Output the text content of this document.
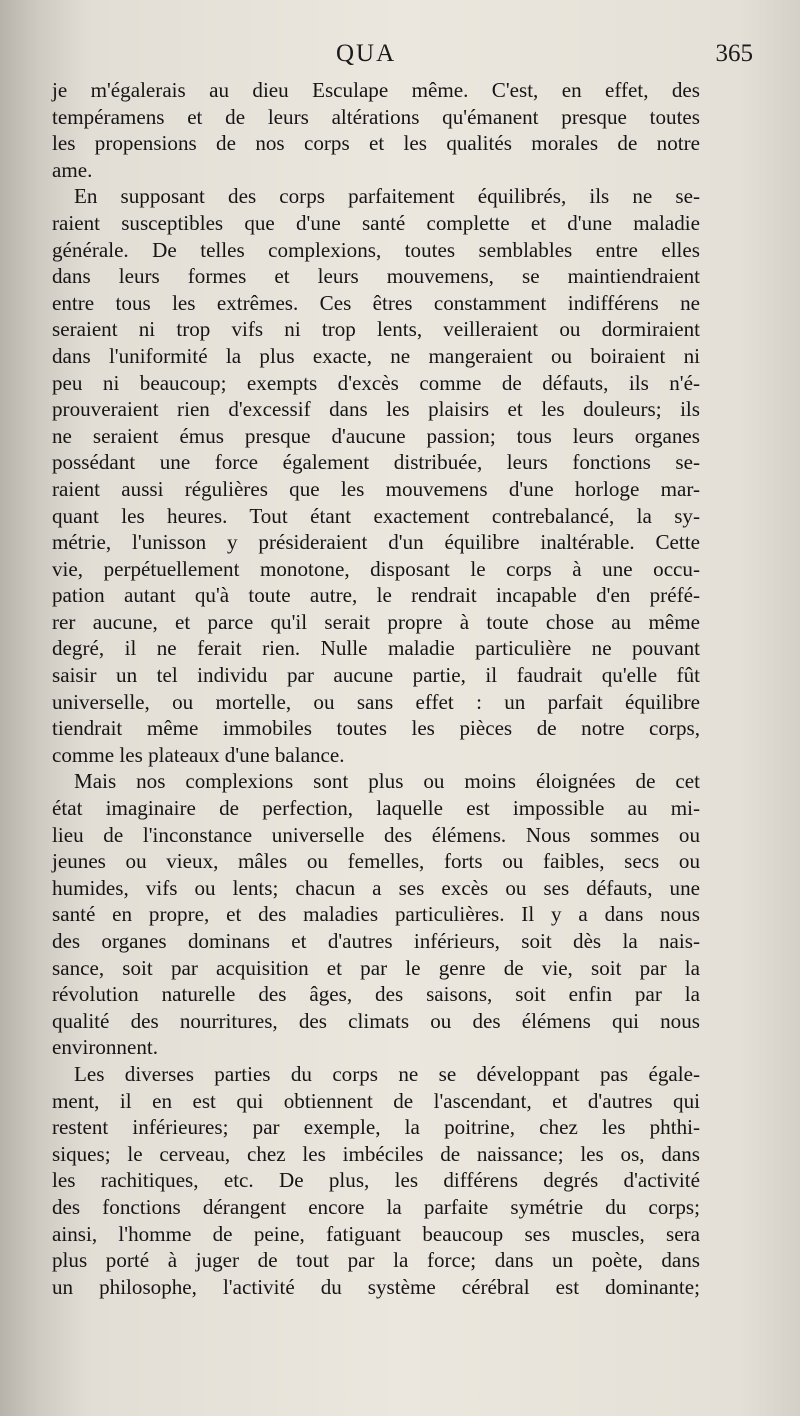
QUA	365
je m'égalerais au dieu Esculape même. C'est, en effet, des
tempéramens et de leurs altérations qu'émanent presque toutes
les propensions de nos corps et les qualités morales de notre
ame.
En supposant des corps parfaitement équilibrés, ils ne se-
raient susceptibles que d'une santé complette et d'une maladie
générale. De telles complexions, toutes semblables entre elles
dans leurs formes et leurs mouvemens, se maintiendraient
entre tous les extrêmes. Ces êtres constamment indifférens ne
seraient ni trop vifs ni trop lents, veilleraient ou dormiraient
dans l'uniformité la plus exacte, ne mangeraient ou boiraient ni
peu ni beaucoup; exempts d'excès comme de défauts, ils n'é-
prouveraient rien d'excessif dans les plaisirs et les douleurs; ils
ne seraient émus presque d'aucune passion; tous leurs organes
possédant une force également distribuée, leurs fonctions se-
raient aussi régulières que les mouvemens d'une horloge mar-
quant les heures. Tout étant exactement contrebalancé, la sy-
métrie, l'unisson y présideraient d'un équilibre inaltérable. Cette
vie, perpétuellement monotone, disposant le corps à une occu-
pation autant qu'à toute autre, le rendrait incapable d'en préfé-
rer aucune, et parce qu'il serait propre à toute chose au même
degré, il ne ferait rien. Nulle maladie particulière ne pouvant
saisir un tel individu par aucune partie, il faudrait qu'elle fût
universelle, ou mortelle, ou sans effet : un parfait équilibre
tiendrait même immobiles toutes les pièces de notre corps,
comme les plateaux d'une balance.
Mais nos complexions sont plus ou moins éloignées de cet
état imaginaire de perfection, laquelle est impossible au mi-
lieu de l'inconstance universelle des élémens. Nous sommes ou
jeunes ou vieux, mâles ou femelles, forts ou faibles, secs ou
humides, vifs ou lents; chacun a ses excès ou ses défauts, une
santé en propre, et des maladies particulières. Il y a dans nous
des organes dominans et d'autres inférieurs, soit dès la nais-
sance, soit par acquisition et par le genre de vie, soit par la
révolution naturelle des âges, des saisons, soit enfin par la
qualité des nourritures, des climats ou des élémens qui nous
environnent.
Les diverses parties du corps ne se développant pas égale-
ment, il en est qui obtiennent de l'ascendant, et d'autres qui
restent inférieures; par exemple, la poitrine, chez les phthi-
siques; le cerveau, chez les imbéciles de naissance; les os, dans
les rachitiques, etc. De plus, les différens degrés d'activité
des fonctions dérangent encore la parfaite symétrie du corps;
ainsi, l'homme de peine, fatiguant beaucoup ses muscles, sera
plus porté à juger de tout par la force; dans un poète, dans
un philosophe, l'activité du système cérébral est dominante;
